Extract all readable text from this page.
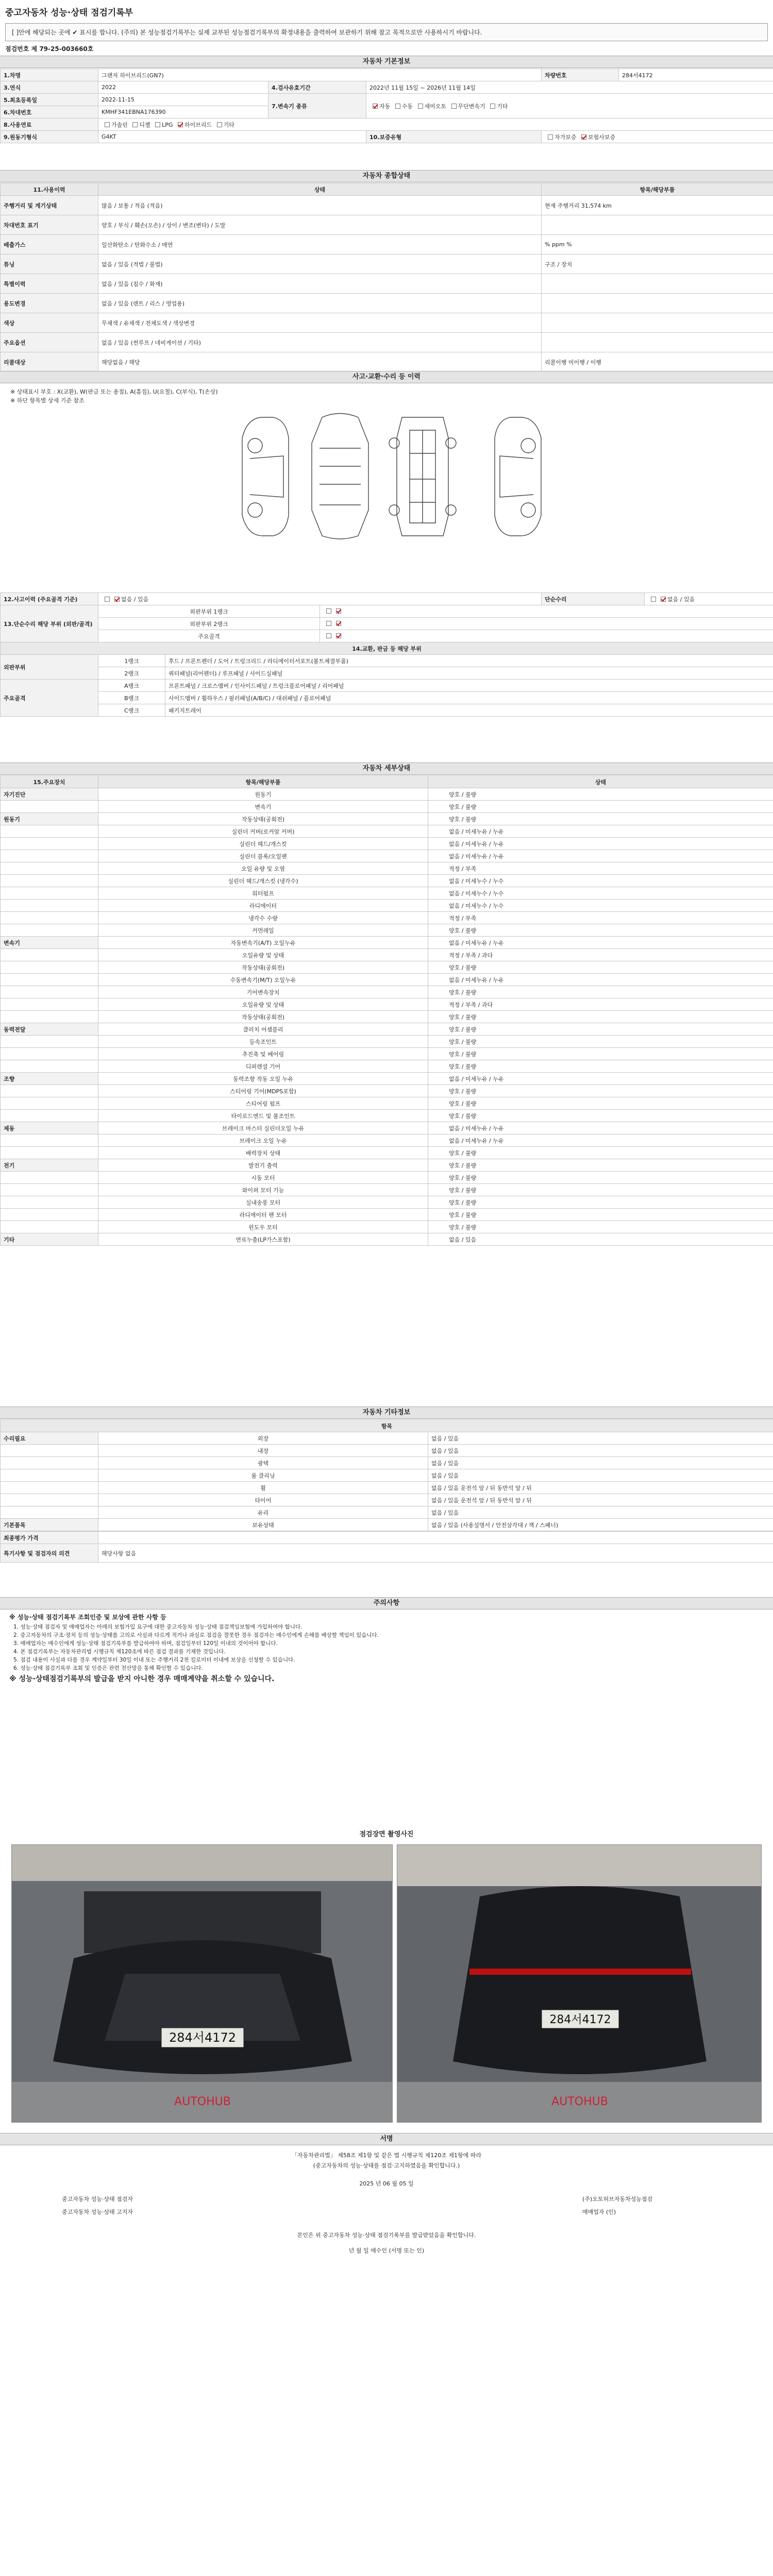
중고자동차 성능·상태 점검기록부
[ ]안에 해당되는 곳에 ✔ 표시를 합니다. (주의) 본 성능점검기록부는 실제 교부된 성능점검기록부의 확정내용을 출력하여 보관하기 위해 참고 목적으로만 사용하시기 바랍니다.
점검번호 제 79-25-003660호
자동차 기본정보
1.차명	그랜저 하이브리드(GN7)			차량번호	284서4172
3.연식	2022	4.검사유효기간	2022년 11월 15일 ~ 2026년 11월 14일		
5.최초등록일	2022-11-15	7.변속기 종류	자동 수동 세미오토 무단변속기 기타		
6.차대번호	KMHF341EBNA176390				
8.사용연료	가솔린 디젤 LPG 하이브리드 기타				
9.원동기형식	G4KT		10.보증유형	자가보증 보험사보증	
자동차 종합상태
11.사용이력	상태	항목/해당부품
주행거리 및 계기상태	많음 / 보통 / 적음 (적음)	현재 주행거리 31,574 km
차대번호 표기	양호 / 부식 / 훼손(오손) / 상이 / 변조(변타) / 도말	
배출가스	일산화탄소 / 탄화수소 / 매연	% ppm %
튜닝	없음 / 있음 (적법 / 불법)	구조 / 장치
특별이력	없음 / 있음 (침수 / 화재)	
용도변경	없음 / 있음 (렌트 / 리스 / 영업용)	
색상	무채색 / 유채색 / 전체도색 / 색상변경	
주요옵션	없음 / 있음 (썬루프 / 네비게이션 / 기타)	
리콜대상	해당없음 / 해당	리콜이행 미이행 / 이행
사고·교환·수리 등 이력
※ 상태표시 부호 : X(교환), W(판금 또는 용접), A(흠집), U(요철), C(부식), T(손상)
※ 하단 항목별 상세 기준 참조
12.사고이력 (주요골격 기준)	없음 / 있음			단순수리	없음 / 있음
13.단순수리 해당 부위 (외판/골격)	외판부위 1랭크				
	외판부위 2랭크				
	주요골격				
14.교환, 판금 등 해당 부위					
외판부위	1랭크	후드 / 프론트펜더 / 도어 / 트렁크리드 / 라디에이터서포트(볼트체결부품)			
	2랭크	쿼터패널(리어펜더) / 루프패널 / 사이드실패널			
주요골격	A랭크	프론트패널 / 크로스멤버 / 인사이드패널 / 트렁크플로어패널 / 리어패널			
	B랭크	사이드멤버 / 휠하우스 / 필러패널(A/B/C) / 대쉬패널 / 플로어패널			
	C랭크	패키지트레이			
자동차 세부상태
15.주요장치	항목/해당부품	상태
자기진단	원동기	양호 / 불량
	변속기	양호 / 불량
원동기	작동상태(공회전)	양호 / 불량
	실린더 커버(로커암 커버)	없음 / 미세누유 / 누유
	실린더 헤드/개스킷	없음 / 미세누유 / 누유
	실린더 블록/오일팬	없음 / 미세누유 / 누유
	오일 유량 및 오염	적정 / 부족
	실린더 헤드/개스킷 (냉각수)	없음 / 미세누수 / 누수
	워터펌프	없음 / 미세누수 / 누수
	라디에이터	없음 / 미세누수 / 누수
	냉각수 수량	적정 / 부족
	커먼레일	양호 / 불량
변속기	자동변속기(A/T) 오일누유	없음 / 미세누유 / 누유
	오일유량 및 상태	적정 / 부족 / 과다
	작동상태(공회전)	양호 / 불량
	수동변속기(M/T) 오일누유	없음 / 미세누유 / 누유
	기어변속장치	양호 / 불량
	오일유량 및 상태	적정 / 부족 / 과다
	작동상태(공회전)	양호 / 불량
동력전달	클러치 어셈블리	양호 / 불량
	등속조인트	양호 / 불량
	추진축 및 베어링	양호 / 불량
	디퍼렌셜 기어	양호 / 불량
조향	동력조향 작동 오일 누유	없음 / 미세누유 / 누유
	스티어링 기어(MDPS포함)	양호 / 불량
	스티어링 펌프	양호 / 불량
	타이로드엔드 및 볼조인트	양호 / 불량
제동	브레이크 마스터 실린더오일 누유	없음 / 미세누유 / 누유
	브레이크 오일 누유	없음 / 미세누유 / 누유
	배력장치 상태	양호 / 불량
전기	발전기 출력	양호 / 불량
	시동 모터	양호 / 불량
	와이퍼 모터 기능	양호 / 불량
	실내송풍 모터	양호 / 불량
	라디에이터 팬 모터	양호 / 불량
	윈도우 모터	양호 / 불량
기타	연료누출(LP가스포함)	없음 / 있음
자동차 기타정보
항목		
수리필요	외장	없음 / 있음
	내장	없음 / 있음
	광택	없음 / 있음
	룸 클리닝	없음 / 있음
	휠	없음 / 있음 운전석 앞 / 뒤 동반석 앞 / 뒤
	타이어	없음 / 있음 운전석 앞 / 뒤 동반석 앞 / 뒤
	유리	없음 / 있음
기본품목	보유상태	없음 / 있음 (사용설명서 / 안전삼각대 / 잭 / 스패너)
최종평가 가격	
특기사항 및 점검자의 의견	해당사항 없음
주의사항
※ 성능·상태 점검기록부 조회인증 및 보상에 관한 사항 등

1. 성능·상태 점검자 및 매매업자는 아래의 보험가입 요구에 대한 중고자동차 성능·상태 점검책임보험에 가입하여야 합니다.

2. 중고자동차의 구조·장치 등의 성능·상태를 고의로 사실과 다르게 적거나 과실로 점검을 잘못한 경우 점검자는 매수인에게 손해를 배상할 책임이 있습니다.

3. 매매업자는 매수인에게 성능·상태 점검기록부를 발급하여야 하며, 점검일부터 120일 이내의 것이어야 합니다.

4. 본 점검기록부는 자동차관리법 시행규칙 제120조에 따른 점검 결과를 기재한 것입니다.

5. 점검 내용이 사실과 다를 경우 계약일부터 30일 이내 또는 주행거리 2천 킬로미터 이내에 보상을 신청할 수 있습니다.

6. 성능·상태 점검기록부 조회 및 인증은 관련 전산망을 통해 확인할 수 있습니다.

※ 성능·상태점검기록부의 발급을 받지 아니한 경우 매매계약을 취소할 수 있습니다.
점검장면 촬영사진
284서4172
AUTOHUB
284서4172
AUTOHUB
서명
「자동차관리법」 제58조 제1항 및 같은 법 시행규칙 제120조 제1항에 따라
(중고자동차의 성능·상태를 점검·고지하였음을 확인합니다.)
2025 년 06 월 05 일
중고자동차 성능·상태 점검자	(주)오토허브자동차성능점검
중고자동차 성능·상태 고지자	매매업자 (인)
본인은 위 중고자동차 성능·상태 점검기록부를 발급받았음을 확인합니다.
년 월 일 매수인 (서명 또는 인)
